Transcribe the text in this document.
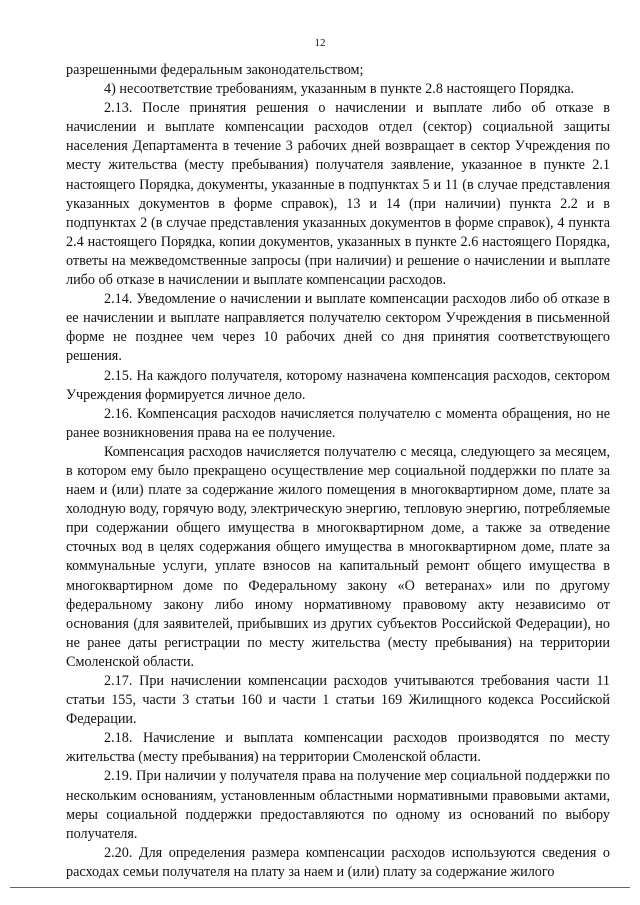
12

разрешенными федеральным законодательством;

4) несоответствие требованиям, указанным в пункте 2.8 настоящего Порядка.

2.13. После принятия решения о начислении и выплате либо об отказе в начислении и выплате компенсации расходов отдел (сектор) социальной защиты населения Департамента в течение 3 рабочих дней возвращает в сектор Учреждения по месту жительства (месту пребывания) получателя заявление, указанное в пункте 2.1 настоящего Порядка, документы, указанные в подпунктах 5 и 11 (в случае представления указанных документов в форме справок), 13 и 14 (при наличии) пункта 2.2 и в подпунктах 2 (в случае представления указанных документов в форме справок), 4 пункта 2.4 настоящего Порядка, копии документов, указанных в пункте 2.6 настоящего Порядка, ответы на межведомственные запросы (при наличии) и решение о начислении и выплате либо об отказе в начислении и выплате компенсации расходов.

2.14. Уведомление о начислении и выплате компенсации расходов либо об отказе в ее начислении и выплате направляется получателю сектором Учреждения в письменной форме не позднее чем через 10 рабочих дней со дня принятия соответствующего решения.

2.15. На каждого получателя, которому назначена компенсация расходов, сектором Учреждения формируется личное дело.

2.16. Компенсация расходов начисляется получателю с момента обращения, но не ранее возникновения права на ее получение.

Компенсация расходов начисляется получателю с месяца, следующего за месяцем, в котором ему было прекращено осуществление мер социальной поддержки по плате за наем и (или) плате за содержание жилого помещения в многоквартирном доме, плате за холодную воду, горячую воду, электрическую энергию, тепловую энергию, потребляемые при содержании общего имущества в многоквартирном доме, а также за отведение сточных вод в целях содержания общего имущества в многоквартирном доме, плате за коммунальные услуги, уплате взносов на капитальный ремонт общего имущества в многоквартирном доме по Федеральному закону «О ветеранах» или по другому федеральному закону либо иному нормативному правовому акту независимо от основания (для заявителей, прибывших из других субъектов Российской Федерации), но не ранее даты регистрации по месту жительства (месту пребывания) на территории Смоленской области.

2.17. При начислении компенсации расходов учитываются требования части 11 статьи 155, части 3 статьи 160 и части 1 статьи 169 Жилищного кодекса Российской Федерации.

2.18. Начисление и выплата компенсации расходов производятся по месту жительства (месту пребывания) на территории Смоленской области.

2.19. При наличии у получателя права на получение мер социальной поддержки по нескольким основаниям, установленным областными нормативными правовыми актами, меры социальной поддержки предоставляются по одному из оснований по выбору получателя.

2.20. Для определения размера компенсации расходов используются сведения о расходах семьи получателя на плату за наем и (или) плату за содержание жилого
